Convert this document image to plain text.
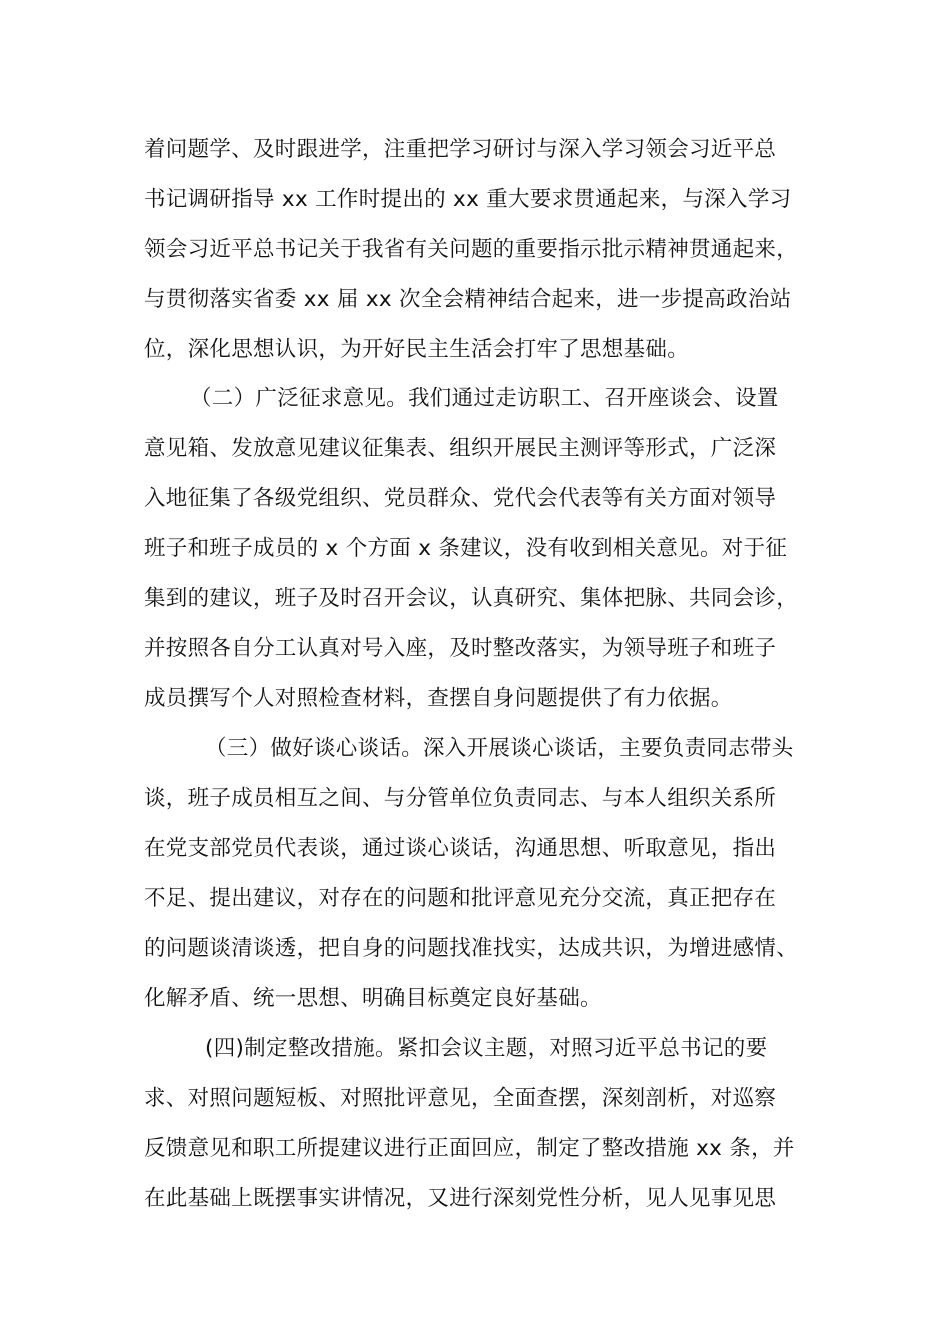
着问题学、及时跟进学，注重把学习研讨与深入学习领会习近平总
书记调研指导 xx 工作时提出的 xx 重大要求贯通起来，与深入学习
领会习近平总书记关于我省有关问题的重要指示批示精神贯通起来，
与贯彻落实省委 xx 届 xx 次全会精神结合起来，进一步提高政治站
位，深化思想认识，为开好民主生活会打牢了思想基础。
（二）广泛征求意见。我们通过走访职工、召开座谈会、设置
意见箱、发放意见建议征集表、组织开展民主测评等形式，广泛深
入地征集了各级党组织、党员群众、党代会代表等有关方面对领导
班子和班子成员的 x 个方面 x 条建议，没有收到相关意见。对于征
集到的建议，班子及时召开会议，认真研究、集体把脉、共同会诊，
并按照各自分工认真对号入座，及时整改落实，为领导班子和班子
成员撰写个人对照检查材料，查摆自身问题提供了有力依据。
（三）做好谈心谈话。深入开展谈心谈话，主要负责同志带头
谈，班子成员相互之间、与分管单位负责同志、与本人组织关系所
在党支部党员代表谈，通过谈心谈话，沟通思想、听取意见，指出
不足、提出建议，对存在的问题和批评意见充分交流，真正把存在
的问题谈清谈透，把自身的问题找准找实，达成共识，为增进感情、
化解矛盾、统一思想、明确目标奠定良好基础。
(四)制定整改措施。紧扣会议主题，对照习近平总书记的要
求、对照问题短板、对照批评意见，全面查摆，深刻剖析，对巡察
反馈意见和职工所提建议进行正面回应，制定了整改措施 xx 条，并
在此基础上既摆事实讲情况，又进行深刻党性分析，见人见事见思
